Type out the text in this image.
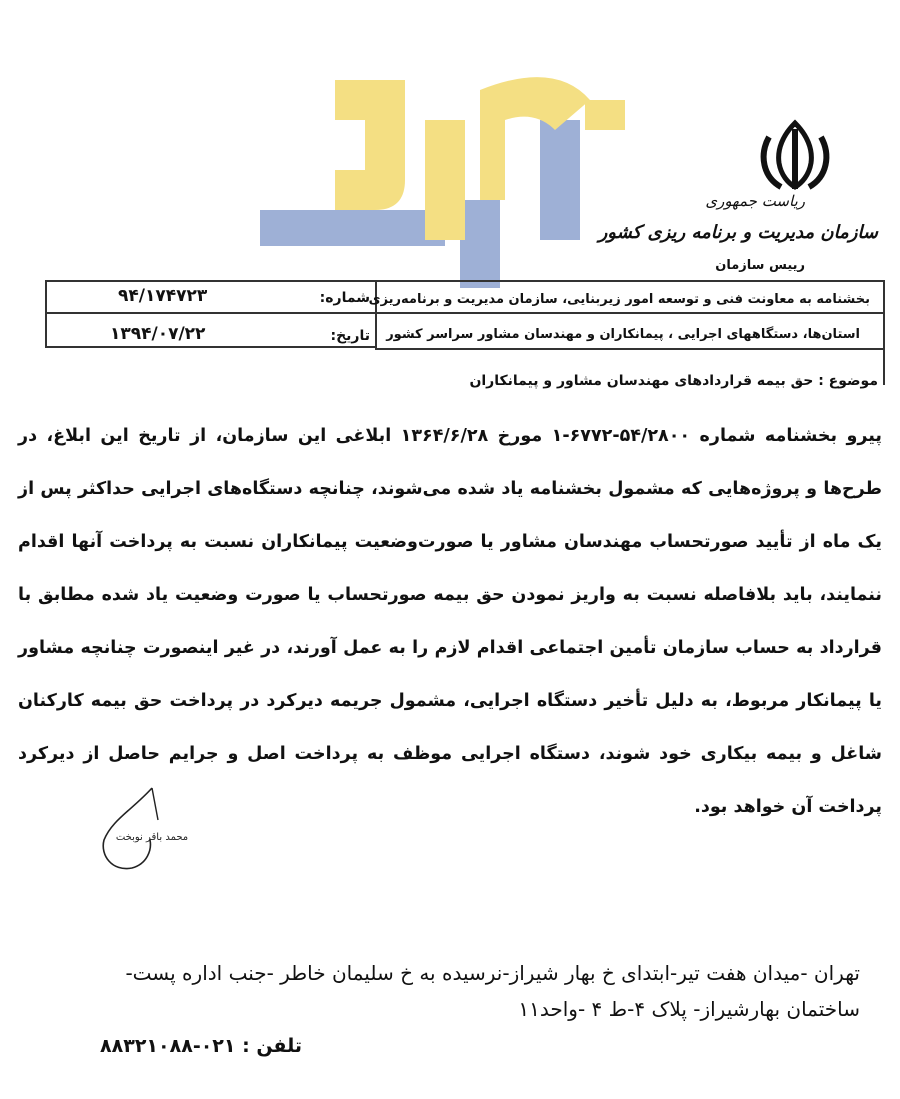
ریاست جمهوری
سازمان مدیریت و برنامه ریزی کشور
رییس سازمان
بخشنامه به معاونت فنی و توسعه امور زیربنایی، سازمان مدیریت و برنامه‌ریزی
استان‌ها، دستگاههای اجرایی ، پیمانکاران و مهندسان مشاور سراسر کشور
شماره:
۹۴/۱۷۴۷۲۳
تاریخ:
۱۳۹۴/۰۷/۲۲
موضوع : حق بیمه قراردادهای مهندسان مشاور و پیمانکاران

پیرو بخشنامه شماره ۵۴/۲۸۰۰-۶۷۷۲-۱ مورخ ۱۳۶۴/۶/۲۸ ابلاغی این سازمان، از تاریخ این ابلاغ، در طرح‌ها و پروژه‌هایی که مشمول بخشنامه یاد شده می‌شوند، چنانچه دستگاه‌های اجرایی حداکثر پس از یک ماه از تأیید صورتحساب مهندسان مشاور یا صورت‌وضعیت پیمانکاران نسبت به پرداخت آنها اقدام ننمایند، باید بلافاصله نسبت به واریز نمودن حق بیمه صورتحساب یا صورت وضعیت یاد شده مطابق با قرارداد به حساب سازمان تأمین اجتماعی اقدام لازم را به عمل آورند، در غیر اینصورت چنانچه مشاور یا پیمانکار مربوط، به دلیل تأخیر دستگاه اجرایی، مشمول جریمه دیرکرد در پرداخت حق بیمه کارکنان شاغل و بیمه بیکاری خود شوند، دستگاه اجرایی موظف به پرداخت اصل و جرایم حاصل از دیرکرد پرداخت آن خواهد بود.

محمد باقر نوبخت
تهران -میدان هفت تیر-ابتدای خ بهار شیراز-نرسیده به خ سلیمان خاطر -جنب اداره پست-
ساختمان بهارشیراز- پلاک ۴-ط ۴ -واحد۱۱
تلفن : ۰۲۱-۸۸۳۲۱۰۸۸
